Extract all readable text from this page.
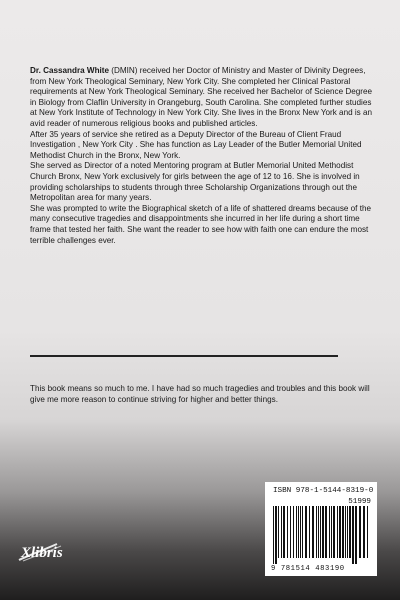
Dr. Cassandra White (DMIN) received her Doctor of Ministry and Master of Divinity Degrees, from New York Theological Seminary, New York City. She completed her Clinical Pastoral requirements at New York Theological Seminary. She received her Bachelor of Science Degree in Biology from Claflin University in Orangeburg, South Carolina. She completed further studies at New York Institute of Technology in New York City. She lives in the Bronx New York and is an avid reader of numerous religious books and published articles.

After 35 years of service she retired as a Deputy Director of the Bureau of Client Fraud Investigation , New York City . She has function as Lay Leader of the Butler Memorial United Methodist Church in the Bronx, New York.

She served as Director of a noted Mentoring program at Butler Memorial United Methodist Church Bronx, New York exclusively for girls between the age of 12 to 16. She is involved in providing scholarships to students through three Scholarship Organizations through out the Metropolitan area for many years.

She was prompted to write the Biographical sketch of a life of shattered dreams because of the many consecutive tragedies and disappointments she incurred in her life during a short time frame that tested her faith. She want the reader to see how with faith one can endure the most terrible challenges ever.

This book means so much to me. I have had so much tragedies and troubles and this book will give me more reason to continue striving for higher and better things.

Xlibris
ISBN 978-1-5144-8319-0
51999
9 781514 483190
